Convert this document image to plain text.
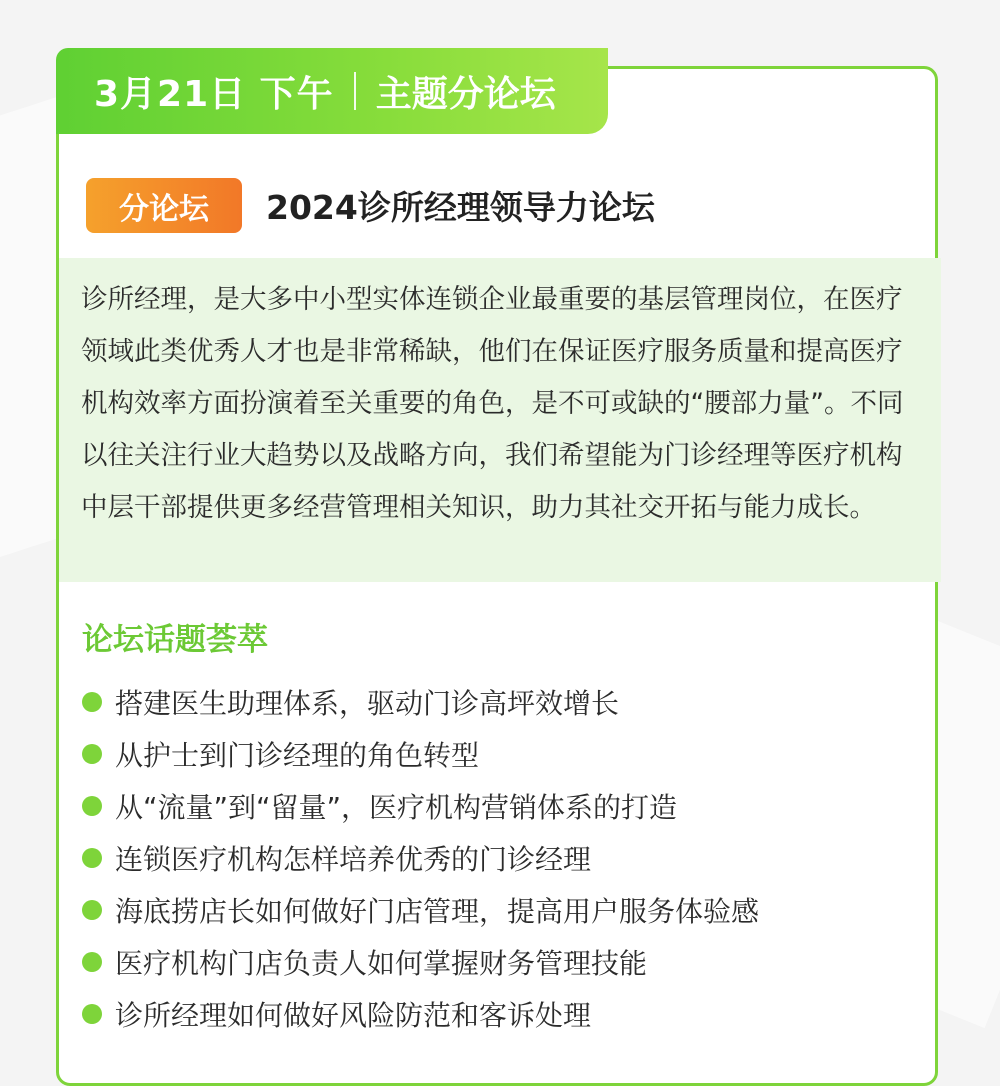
3月21日 下午 主题分论坛
分论坛	2024诊所经理领导力论坛

诊所经理，是大多中小型实体连锁企业最重要的基层管理岗位，在医疗领域此类优秀人才也是非常稀缺，他们在保证医疗服务质量和提高医疗机构效率方面扮演着至关重要的角色，是不可或缺的“腰部力量”。不同以往关注行业大趋势以及战略方向，我们希望能为门诊经理等医疗机构中层干部提供更多经营管理相关知识，助力其社交开拓与能力成长。

论坛话题荟萃
搭建医生助理体系，驱动门诊高坪效增长
从护士到门诊经理的角色转型
从“流量”到“留量”，医疗机构营销体系的打造
连锁医疗机构怎样培养优秀的门诊经理
海底捞店长如何做好门店管理，提高用户服务体验感
医疗机构门店负责人如何掌握财务管理技能
诊所经理如何做好风险防范和客诉处理
